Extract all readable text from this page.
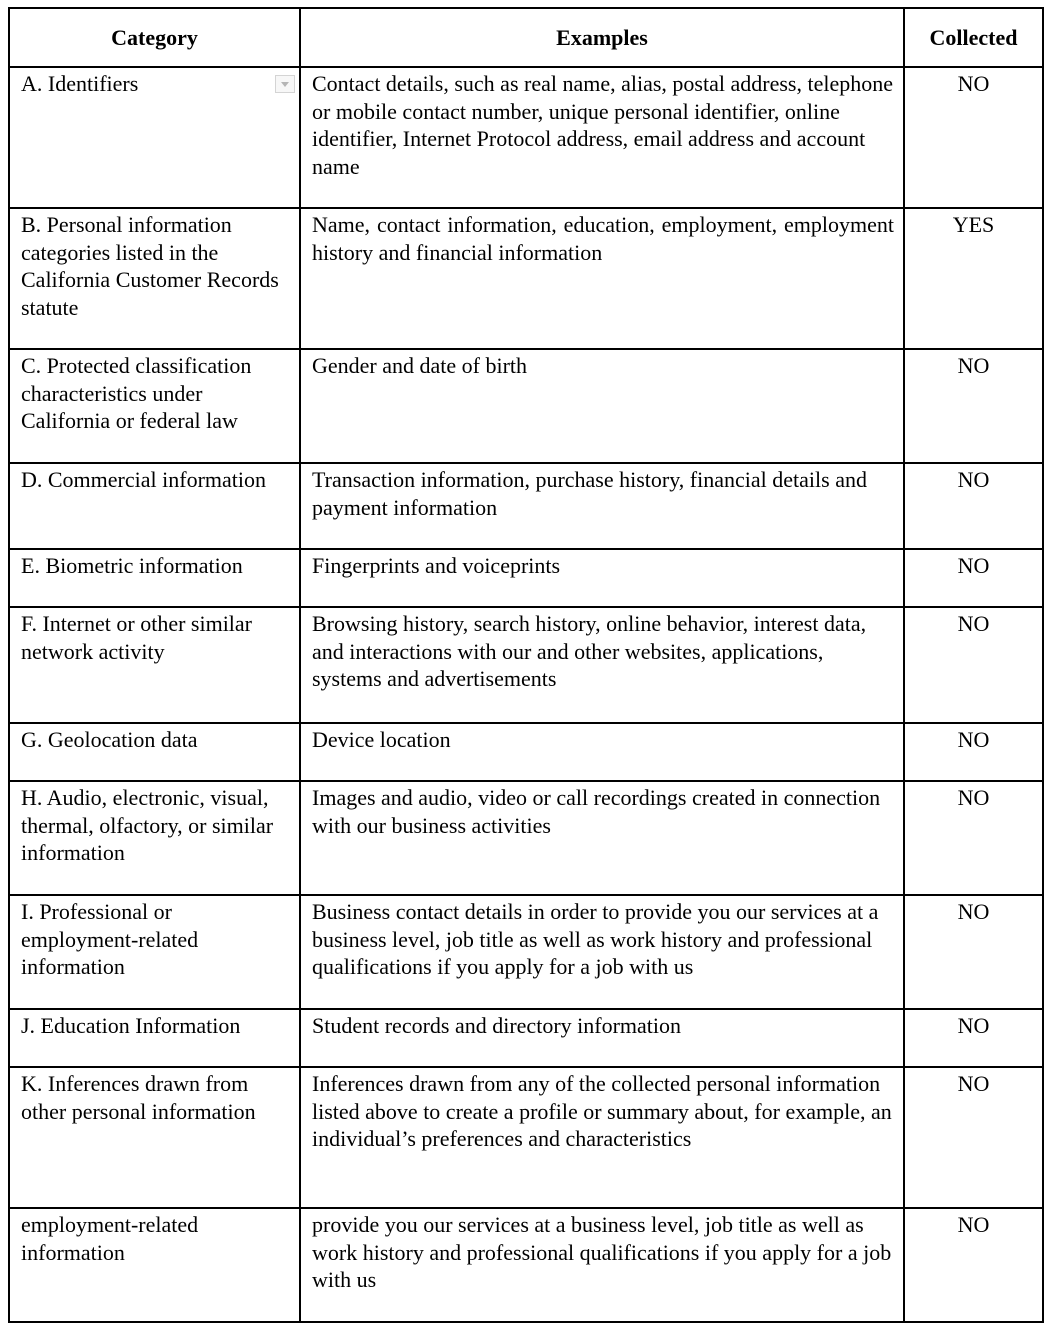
Category	Examples	Collected
A. Identifiers	Contact details, such as real name, alias, postal address, telephone or mobile contact number, unique personal identifier, online identifier, Internet Protocol address, email address and account name	NO
B. Personal information categories listed in the California Customer Records statute	Name, contact information, education, employment, employment history and financial information	YES
C. Protected classification characteristics under California or federal law	Gender and date of birth	NO
D. Commercial information	Transaction information, purchase history, financial details and payment information	NO
E. Biometric information	Fingerprints and voiceprints	NO
F. Internet or other similar network activity	Browsing history, search history, online behavior, interest data, and interactions with our and other websites, applications, systems and advertisements	NO
G. Geolocation data	Device location	NO
H. Audio, electronic, visual, thermal, olfactory, or similar information	Images and audio, video or call recordings created in connection with our business activities	NO
I. Professional or employment-related information	Business contact details in order to provide you our services at a business level, job title as well as work history and professional qualifications if you apply for a job with us	NO
J. Education Information	Student records and directory information	NO
K. Inferences drawn from other personal information	Inferences drawn from any of the collected personal information listed above to create a profile or summary about, for example, an individual’s preferences and characteristics	NO
employment-related information	provide you our services at a business level, job title as well as work history and professional qualifications if you apply for a job with us	NO
